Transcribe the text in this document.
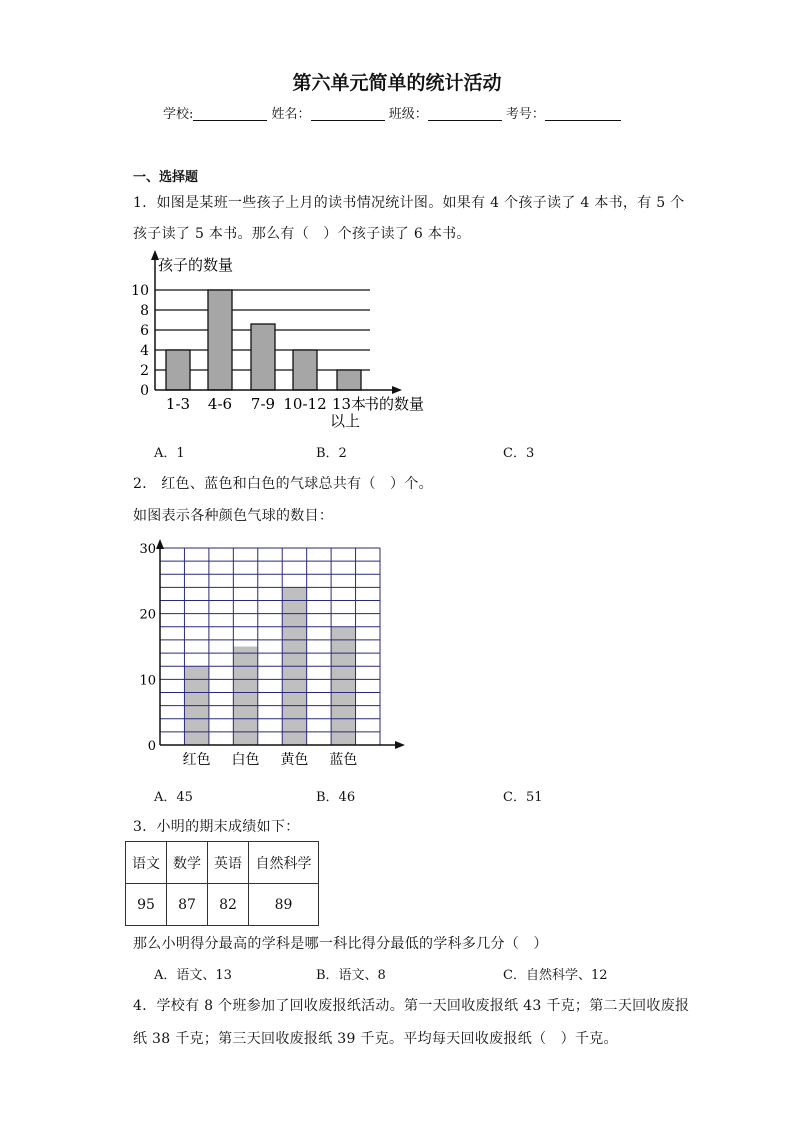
第六单元简单的统计活动
学校:	姓名：	班级：	考号：
一、选择题
1．如图是某班一些孩子上月的读书情况统计图。如果有 4 个孩子读了 4 本书，有 5 个
孩子读了 5 本书。那么有（　）个孩子读了 6 本书。
0
2
4
6
8
10
1-3 4-6 7-9 10-12 13本
以上
孩子的数量
书的数量
A．1	B．2	C．3
2． 红色、蓝色和白色的气球总共有（　）个。
如图表示各种颜色气球的数目：
0
10
20
30
红色 白色 黄色 蓝色
A．45	B．46	C．51
3．小明的期末成绩如下：
语文	数学	英语	自然科学
95	87	82	89
那么小明得分最高的学科是哪一科比得分最低的学科多几分（　）
A．语文、13	B．语文、8	C．自然科学、12
4．学校有 8 个班参加了回收废报纸活动。第一天回收废报纸 43 千克；第二天回收废报
纸 38 千克；第三天回收废报纸 39 千克。平均每天回收废报纸（　）千克。
